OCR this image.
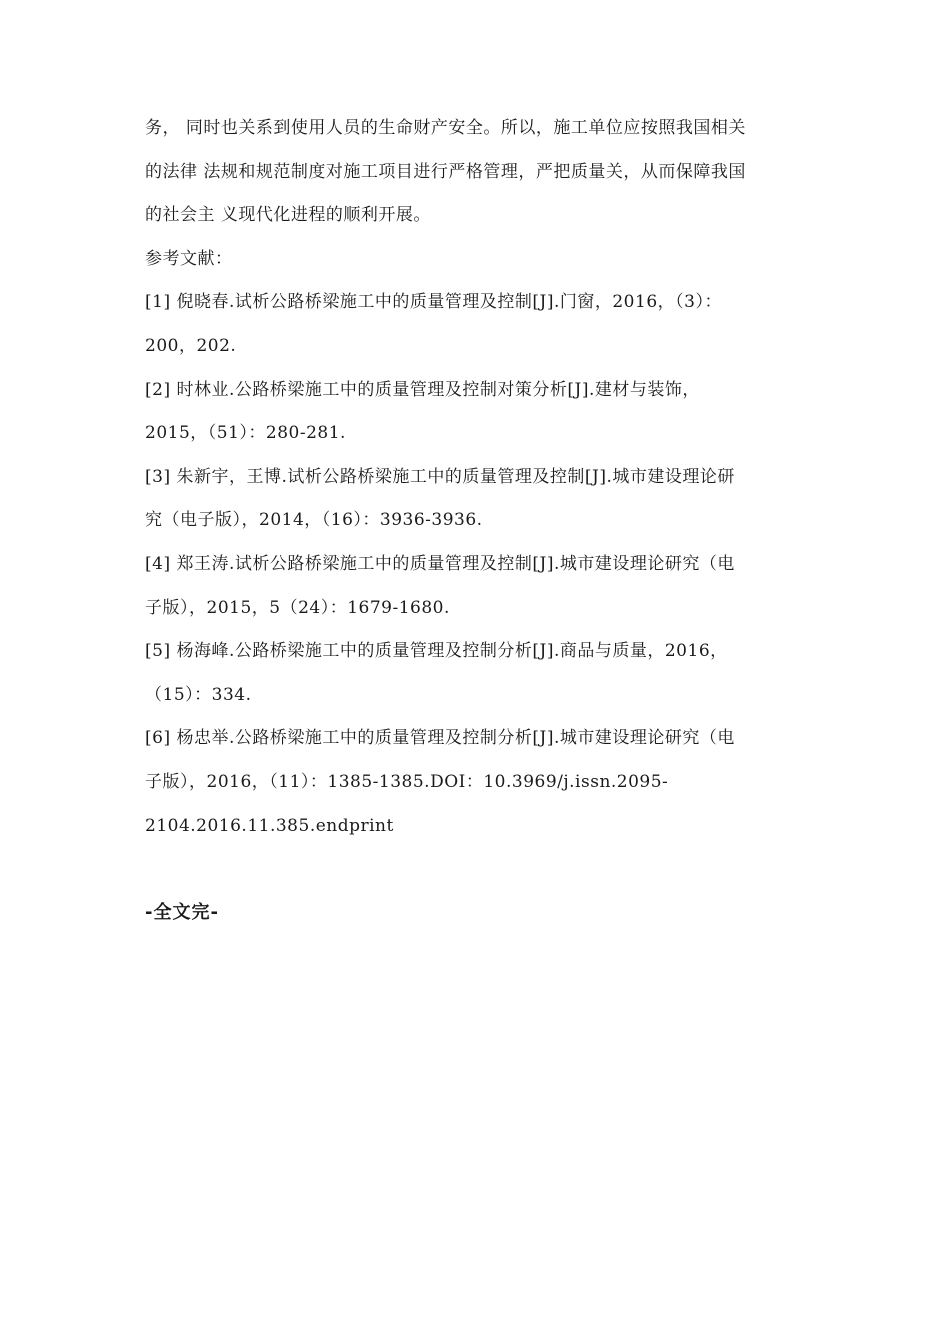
务， 同时也关系到使用人员的生命财产安全。所以，施工单位应按照我国相关
的法律 法规和规范制度对施工项目进行严格管理，严把质量关，从而保障我国
的社会主 义现代化进程的顺利开展。
参考文献：
[1] 倪晓春.试析公路桥梁施工中的质量管理及控制[J].门窗，2016，（3）：
200，202.
[2] 时林业.公路桥梁施工中的质量管理及控制对策分析[J].建材与装饰，
2015，（51）：280-281.
[3] 朱新宇，王博.试析公路桥梁施工中的质量管理及控制[J].城市建设理论研
究（电子版），2014，（16）：3936-3936.
[4] 郑王涛.试析公路桥梁施工中的质量管理及控制[J].城市建设理论研究（电
子版），2015，5（24）：1679-1680.
[5] 杨海峰.公路桥梁施工中的质量管理及控制分析[J].商品与质量，2016，
（15）：334.
[6] 杨忠举.公路桥梁施工中的质量管理及控制分析[J].城市建设理论研究（电
子版），2016，（11）：1385-1385.DOI：10.3969/j.issn.2095-
2104.2016.11.385.endprint
-全文完-
